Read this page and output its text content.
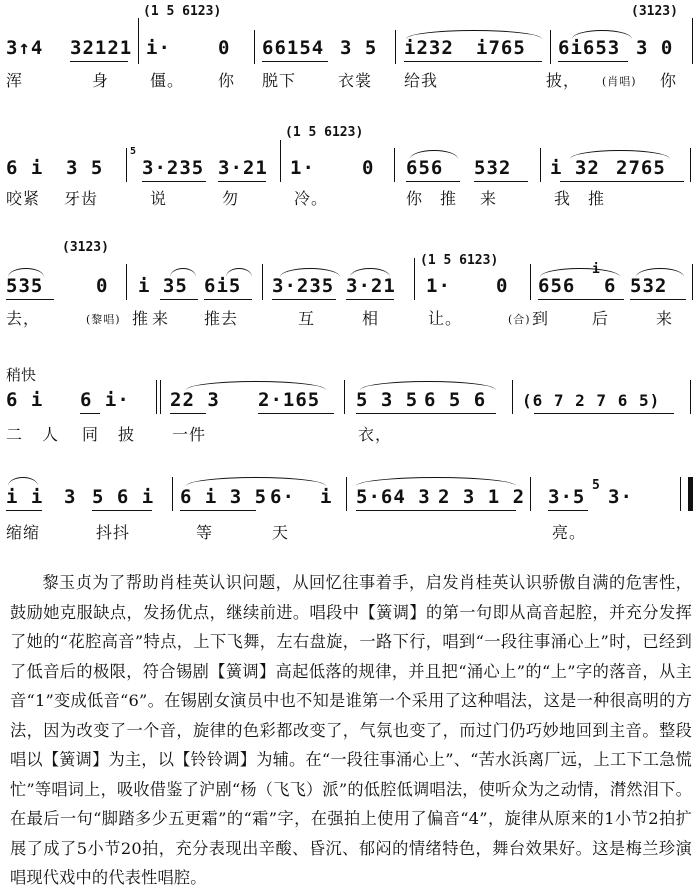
(1 5 6123)	(3123)
3↑4 32121 i· 0 66154 3 5 i232 i765 6i653 3 0
浑	身	僵。 你 脱下	衣裳 给我	披， (肖唱) 你
(1 5 6123)
6 i 3 5
5
3·235 3·21 1· 0 656 532 i 32 2765
咬紧 牙齿	说	勿	冷。	你 推 来	我 推
(3123)
(1 5 6123)
535	0 i 35 6i5 3·235 3·21 1· 0 656
i
6 532
去，	(黎唱) 推 来 推去	互	相	让。	(合) 到	后	来
稍快
6 i 6 i· 22 3 2·165 5 3 5 6 5 6 (6 7 2 7 6 5)
二 人 同 披 一件	衣，
i i 3 5 6 i 6 i 3 5 6· i 5·64 3 2 3 1 2 3·5
5
3·
缩缩	抖抖	等	天	亮。
黎玉贞为了帮助肖桂英认识问题，从回忆往事着手，启发肖桂英认识骄傲自满的危害性，鼓励她克服缺点，发扬优点，继续前进。唱段中【簧调】的第一句即从高音起腔，并充分发挥了她的“花腔高音”特点，上下飞舞，左右盘旋，一路下行，唱到“一段往事涌心上”时，已经到了低音后的极限，符合锡剧【簧调】高起低落的规律，并且把“涌心上”的“上”字的落音，从主音“1”变成低音“6”。在锡剧女演员中也不知是谁第一个采用了这种唱法，这是一种很高明的方法，因为改变了一个音，旋律的色彩都改变了，气氛也变了，而过门仍巧妙地回到主音。整段唱以【簧调】为主，以【铃铃调】为辅。在“一段往事涌心上”、“苦水浜离厂远，上工下工急慌忙”等唱词上，吸收借鉴了沪剧“杨（飞飞）派”的低腔低调唱法，使听众为之动情，潸然泪下。在最后一句“脚踏多少五更霜”的“霜”字，在强拍上使用了偏音“4”，旋律从原来的1小节2拍扩展了成了5小节20拍，充分表现出辛酸、昏沉、郁闷的情绪特色，舞台效果好。这是梅兰珍演唱现代戏中的代表性唱腔。
